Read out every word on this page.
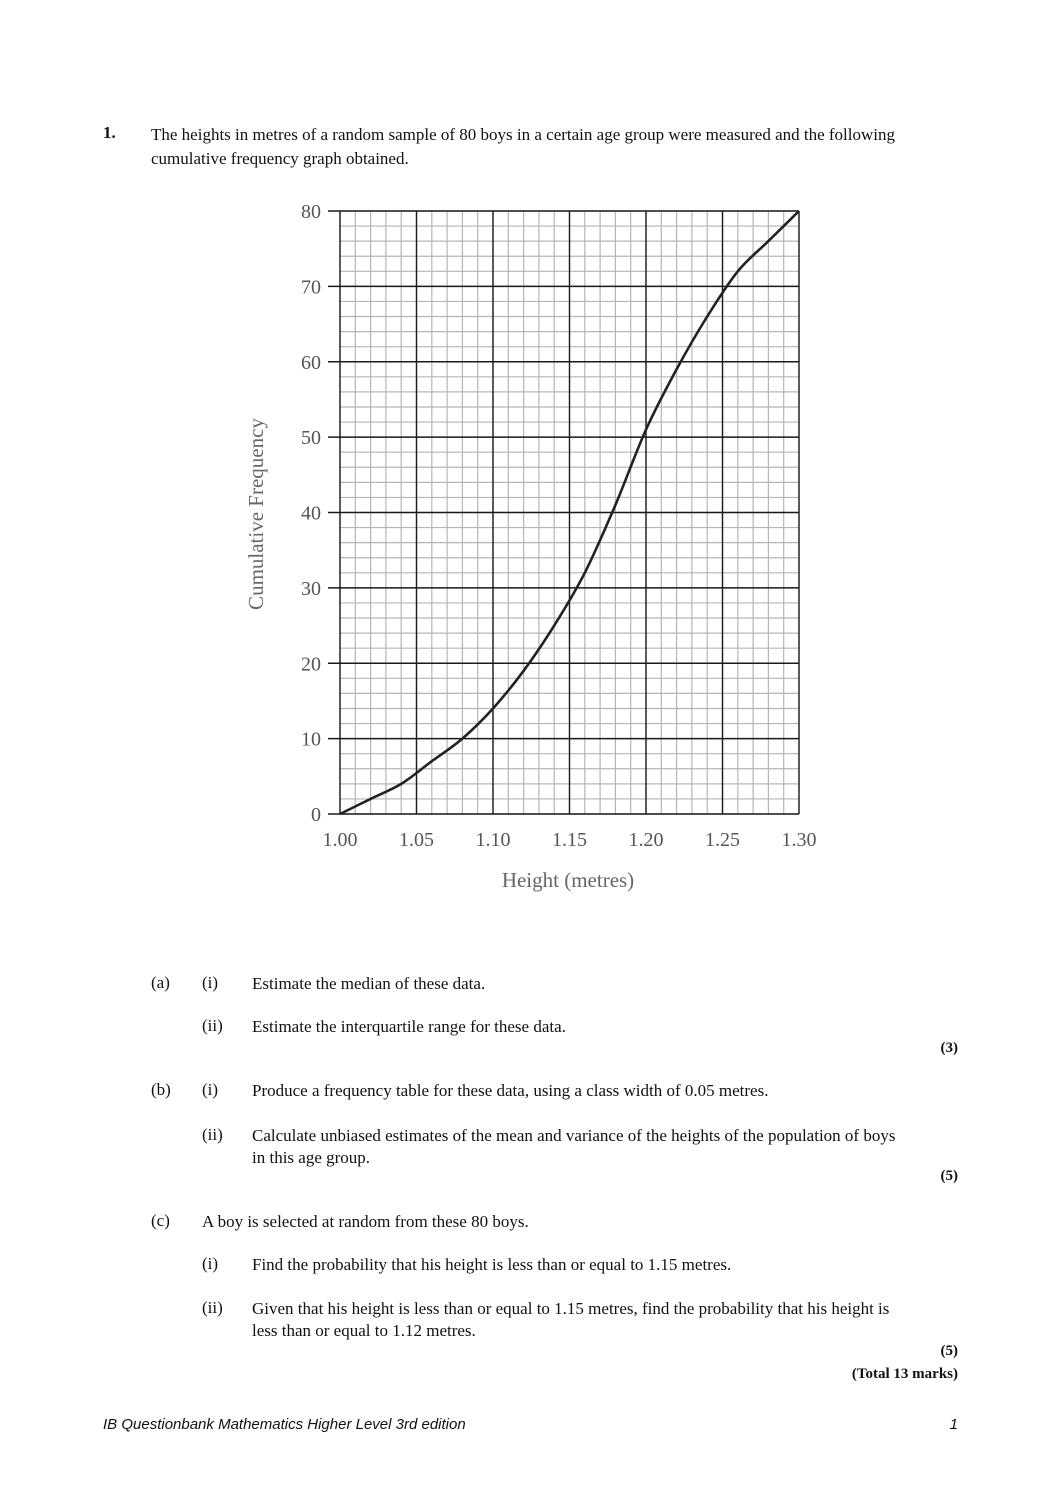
1. The heights in metres of a random sample of 80 boys in a certain age group were measured and the following cumulative frequency graph obtained.
0
10
20
30
40
50
60
70
80
1.00 1.05 1.10 1.15 1.20 1.25 1.30
Height (metres)
Cumulative Frequency
(a) (i) Estimate the median of these data.
(ii) Estimate the interquartile range for these data.
(3)
(b) (i) Produce a frequency table for these data, using a class width of 0.05 metres.
(ii) Calculate unbiased estimates of the mean and variance of the heights of the population of boys in this age group.
(5)
(c) A boy is selected at random from these 80 boys.
(i) Find the probability that his height is less than or equal to 1.15 metres.
(ii) Given that his height is less than or equal to 1.15 metres, find the probability that his height is less than or equal to 1.12 metres.
(5)
(Total 13 marks)
IB Questionbank Mathematics Higher Level 3rd edition	1
